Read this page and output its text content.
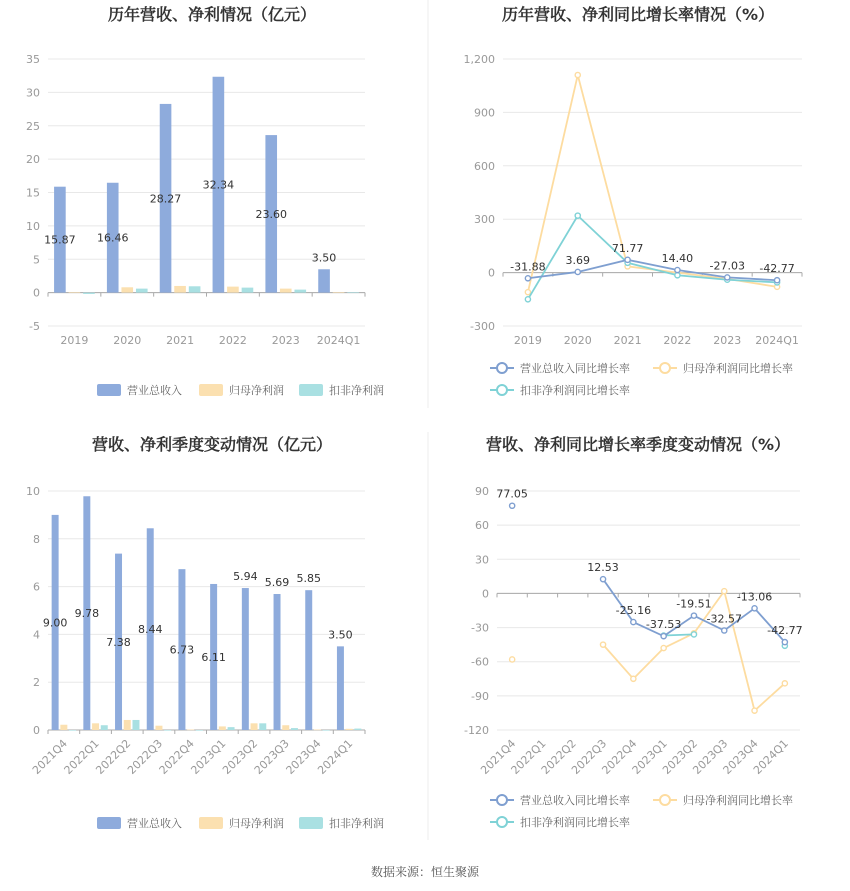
历年营收、净利情况（亿元）
-5
0
5
10
15
20
25
30
35
2019 2020 2021 2022 2023 2024Q1
15.87 16.46
28.27
32.34
23.60
3.50
营业总收入	归母净利润	扣非净利润
历年营收、净利同比增长率情况（%）
-300
0
300
600
900
1,200
2019 2020 2021 2022 2023 2024Q1
-31.88 3.69
71.77
14.40
-27.03 -42.77
营业总收入同比增长率	归母净利润同比增长率
扣非净利润同比增长率
营收、净利季度变动情况（亿元）
0
2
4
6
8
10
2021Q4
2022Q1
2022Q2
2022Q3
2022Q4
2023Q1
2023Q2
2023Q3
2023Q4
2024Q1
9.00
9.78
7.38
8.44
6.73
6.11
5.94 5.69 5.85
3.50
营业总收入	归母净利润	扣非净利润
营收、净利同比增长率季度变动情况（%）
-120
-90
-60
-30
0
30
60
90
2021Q4
2022Q1
2022Q2
2022Q3
2022Q4
2023Q1
2023Q2
2023Q3
2023Q4
2024Q1
77.05
12.53
-25.16
-37.53
-19.51
-32.57
-13.06
-42.77
营业总收入同比增长率	归母净利润同比增长率
扣非净利润同比增长率
数据来源：恒生聚源
